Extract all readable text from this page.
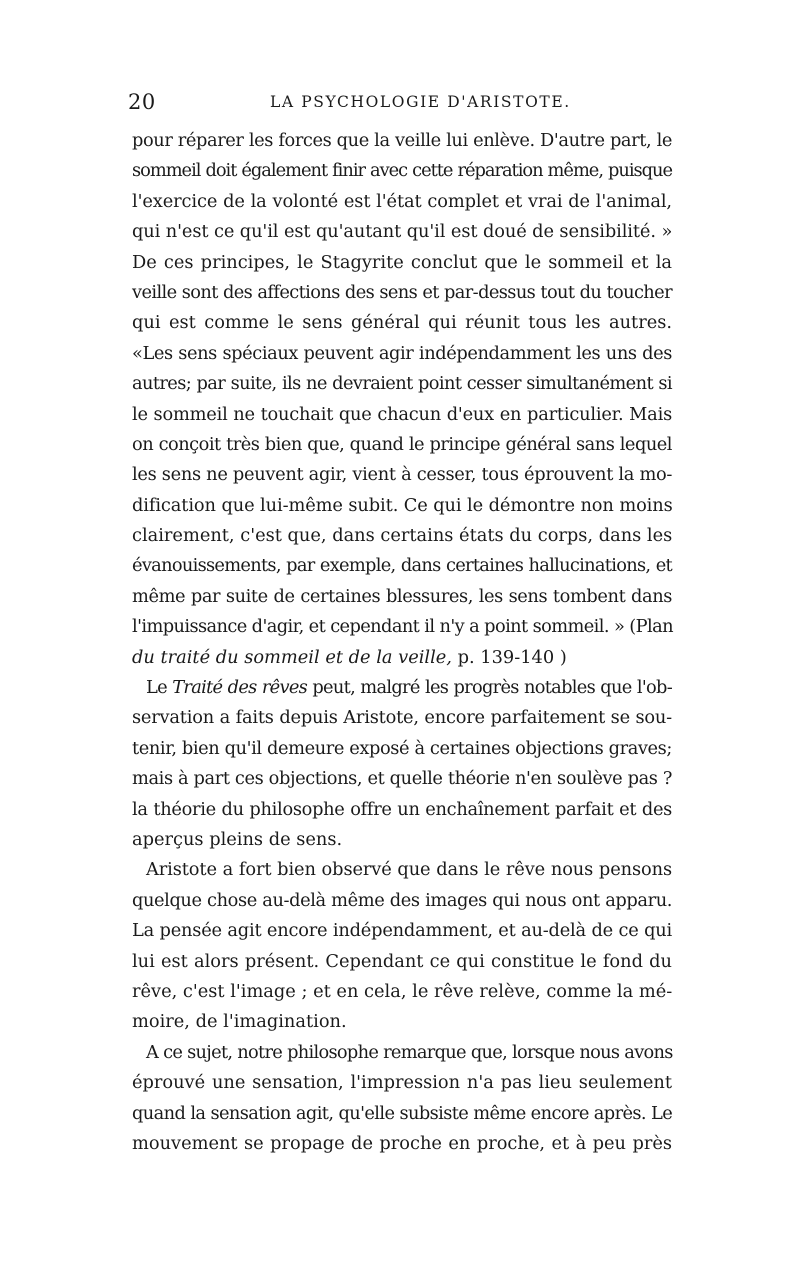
20	LA PSYCHOLOGIE D'ARISTOTE.
pour réparer les forces que la veille lui enlève. D'autre part, le
sommeil doit également finir avec cette réparation même, puisque
l'exercice de la volonté est l'état complet et vrai de l'animal,
qui n'est ce qu'il est qu'autant qu'il est doué de sensibilité. »
De ces principes, le Stagyrite conclut que le sommeil et la
veille sont des affections des sens et par-dessus tout du toucher
qui est comme le sens général qui réunit tous les autres.
«Les sens spéciaux peuvent agir indépendamment les uns des
autres; par suite, ils ne devraient point cesser simultanément si
le sommeil ne touchait que chacun d'eux en particulier. Mais
on conçoit très bien que, quand le principe général sans lequel
les sens ne peuvent agir, vient à cesser, tous éprouvent la mo-
dification que lui-même subit. Ce qui le démontre non moins
clairement, c'est que, dans certains états du corps, dans les
évanouissements, par exemple, dans certaines hallucinations, et
même par suite de certaines blessures, les sens tombent dans
l'impuissance d'agir, et cependant il n'y a point sommeil. » (Plan
du traité du sommeil et de la veille, p. 139-140 )
Le Traité des rêves peut, malgré les progrès notables que l'ob-
servation a faits depuis Aristote, encore parfaitement se sou-
tenir, bien qu'il demeure exposé à certaines objections graves;
mais à part ces objections, et quelle théorie n'en soulève pas ?
la théorie du philosophe offre un enchaînement parfait et des
aperçus pleins de sens.
Aristote a fort bien observé que dans le rêve nous pensons
quelque chose au-delà même des images qui nous ont apparu.
La pensée agit encore indépendamment, et au-delà de ce qui
lui est alors présent. Cependant ce qui constitue le fond du
rêve, c'est l'image ; et en cela, le rêve relève, comme la mé-
moire, de l'imagination.
A ce sujet, notre philosophe remarque que, lorsque nous avons
éprouvé une sensation, l'impression n'a pas lieu seulement
quand la sensation agit, qu'elle subsiste même encore après. Le
mouvement se propage de proche en proche, et à peu près
